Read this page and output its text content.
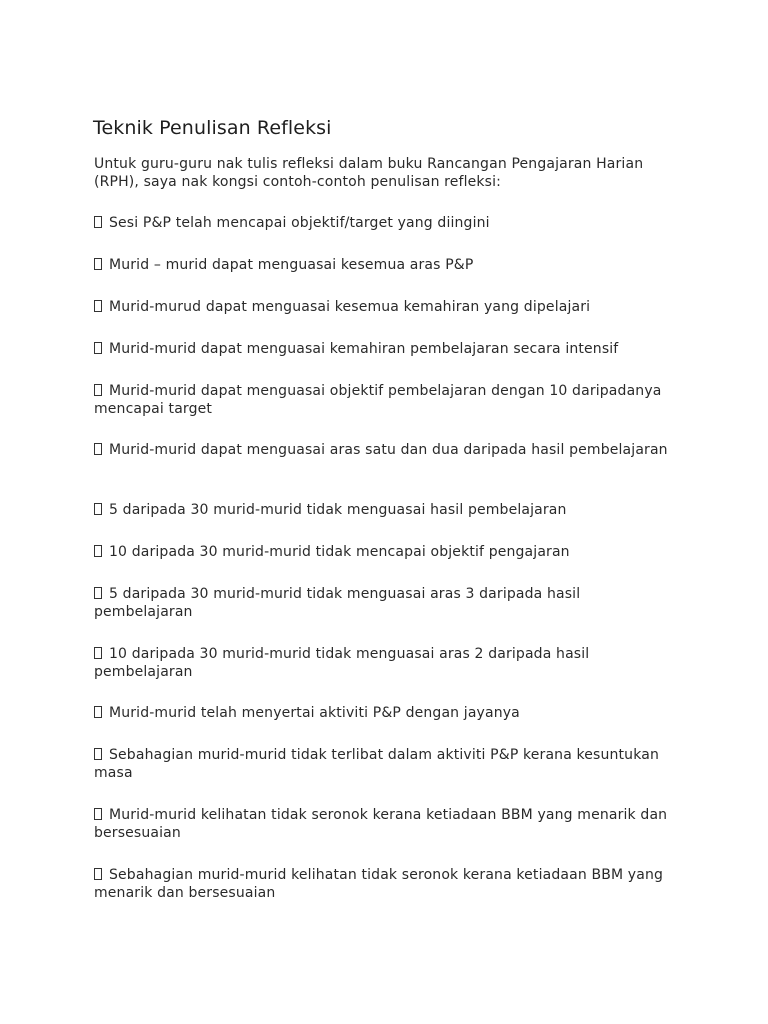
Teknik Penulisan Refleksi

Untuk guru-guru nak tulis refleksi dalam buku Rancangan Pengajaran Harian (RPH), saya nak kongsi contoh-contoh penulisan refleksi:

Sesi P&P telah mencapai objektif/target yang diingini

Murid – murid dapat menguasai kesemua aras P&P

Murid-murud dapat menguasai kesemua kemahiran yang dipelajari

Murid-murid dapat menguasai kemahiran pembelajaran secara intensif

Murid-murid dapat menguasai objektif pembelajaran dengan 10 daripadanya mencapai target

Murid-murid dapat menguasai aras satu dan dua daripada hasil pembelajaran

5 daripada 30 murid-murid tidak menguasai hasil pembelajaran

10 daripada 30 murid-murid tidak mencapai objektif pengajaran

5 daripada 30 murid-murid tidak menguasai aras 3 daripada hasil pembelajaran

10 daripada 30 murid-murid tidak menguasai aras 2 daripada hasil pembelajaran

Murid-murid telah menyertai aktiviti P&P dengan jayanya

Sebahagian murid-murid tidak terlibat dalam aktiviti P&P kerana kesuntukan masa

Murid-murid kelihatan tidak seronok kerana ketiadaan BBM yang menarik dan bersesuaian

Sebahagian murid-murid kelihatan tidak seronok kerana ketiadaan BBM yang menarik dan bersesuaian
